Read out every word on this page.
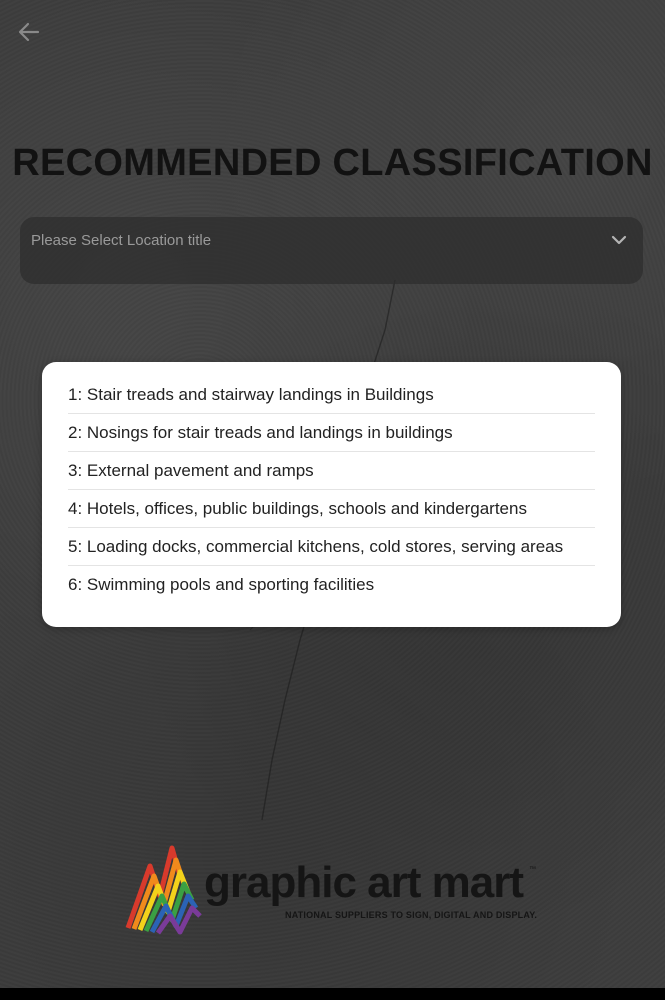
RECOMMENDED CLASSIFICATION
Please Select Location title
1: Stair treads and stairway landings in Buildings
2: Nosings for stair treads and landings in buildings
3: External pavement and ramps
4: Hotels, offices, public buildings, schools and kindergartens
5: Loading docks, commercial kitchens, cold stores, serving areas
6: Swimming pools and sporting facilities
graphic art mart ™
NATIONAL SUPPLIERS TO SIGN, DIGITAL AND DISPLAY.
